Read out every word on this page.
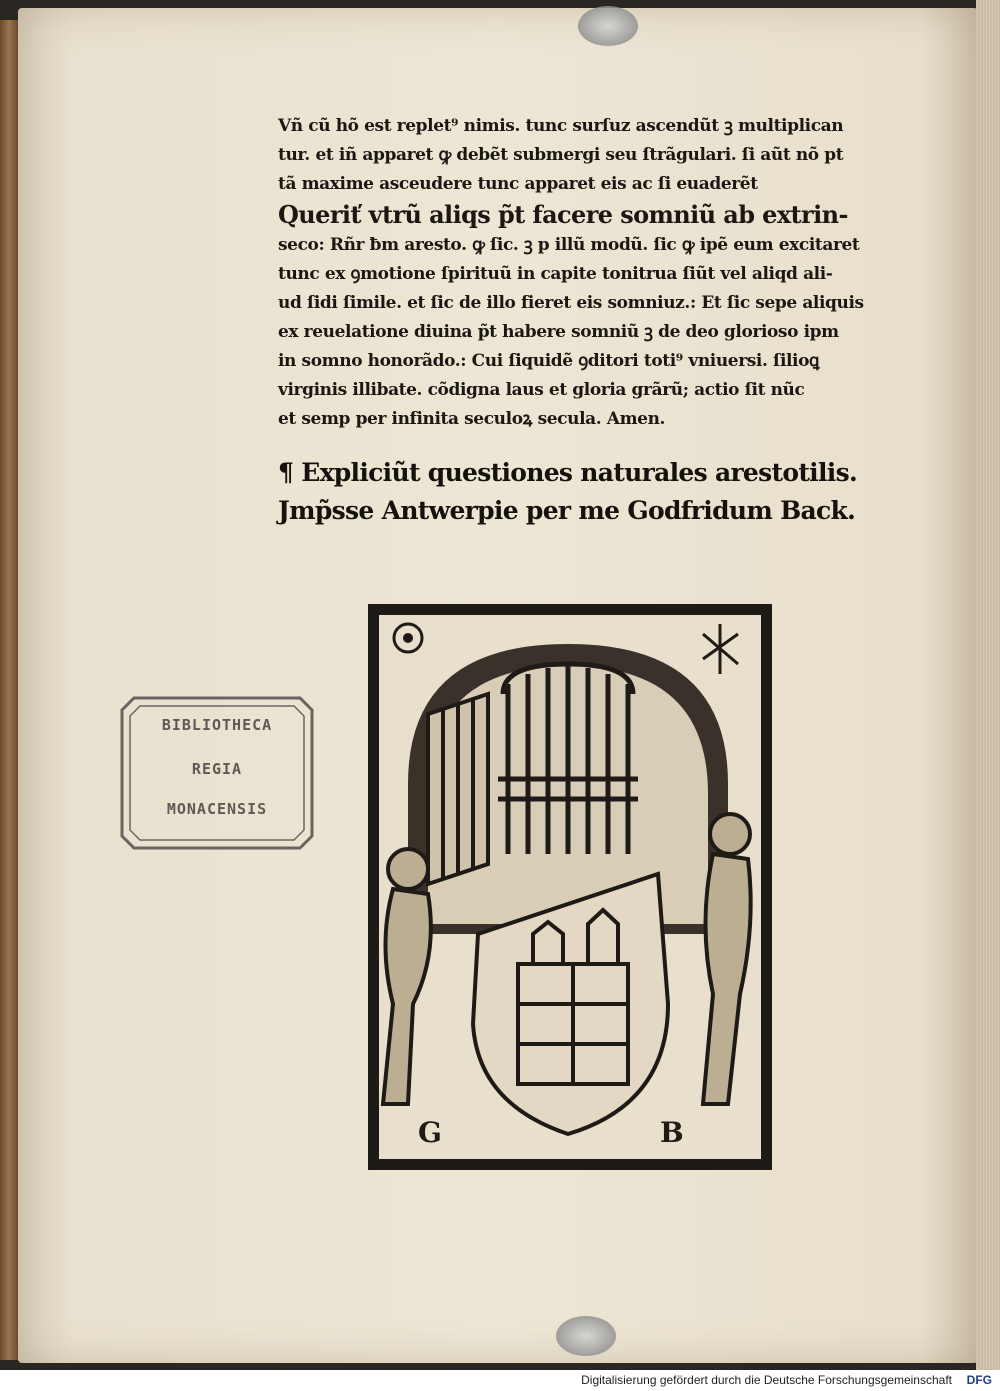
Vñ cũ hõ est replet⁹ nimis. tunc surſuz ascendũt ꝫ multiplican
tur. et iñ apparet ꝙ debẽt submergi seu ſtrãgulari. ſi aũt nõ pt
tã maxime asceudere tunc apparet eis ac ſi euaderẽt
Queriť vtrũ aliqs p̃t facere somniũ ab extrin-
seco: Rñr ƀm aresto. ꝙ ſic. ꝫ p illũ modũ. ſic ꝙ ipẽ eum excitaret
tunc ex ꝯmotione ſpirituũ in capite tonitrua ſiũt vel aliqd ali-
ud ſidi ſimile. et ſic de illo fieret eis somniuz.: Et ſic sepe aliquis
ex reuelatione diuina p̃t habere somniũ ꝫ de deo glorioso ipm
in somno honorãdo.: Cui ſiquidẽ ꝯditori toti⁹ vniuersi. ſilioꝗ
virginis illibate. cõdigna laus et gloria grãrũ; actio ſit nũc
et semp per infinita seculoꝝ secula. Amen.
¶ Expliciũt questiones naturales arestotilis.
Jmp̃sse Antwerpie per me Godfridum Back.
G	B
BIBLIOTHECA
REGIA
MONACENSIS
Digitalisierung gefördert durch die Deutsche Forschungsgemeinschaft DFG
